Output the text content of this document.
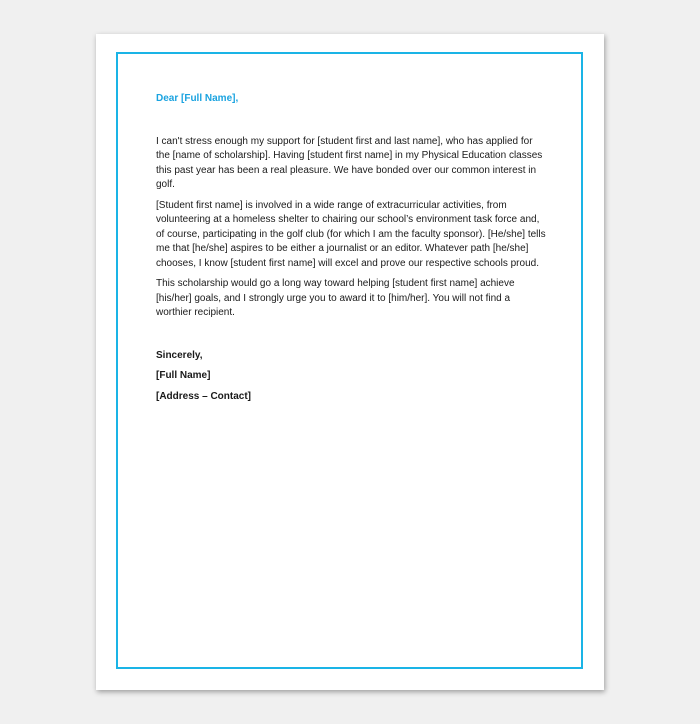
Dear [Full Name],

I can't stress enough my support for [student first and last name], who has applied for the [name of scholarship]. Having [student first name] in my Physical Education classes this past year has been a real pleasure. We have bonded over our common interest in golf.

[Student first name] is involved in a wide range of extracurricular activities, from volunteering at a homeless shelter to chairing our school’s environment task force and, of course, participating in the golf club (for which I am the faculty sponsor). [He/she] tells me that [he/she] aspires to be either a journalist or an editor. Whatever path [he/she] chooses, I know [student first name] will excel and prove our respective schools proud.

This scholarship would go a long way toward helping [student first name] achieve [his/her] goals, and I strongly urge you to award it to [him/her]. You will not find a worthier recipient.

Sincerely,
[Full Name]
[Address – Contact]
